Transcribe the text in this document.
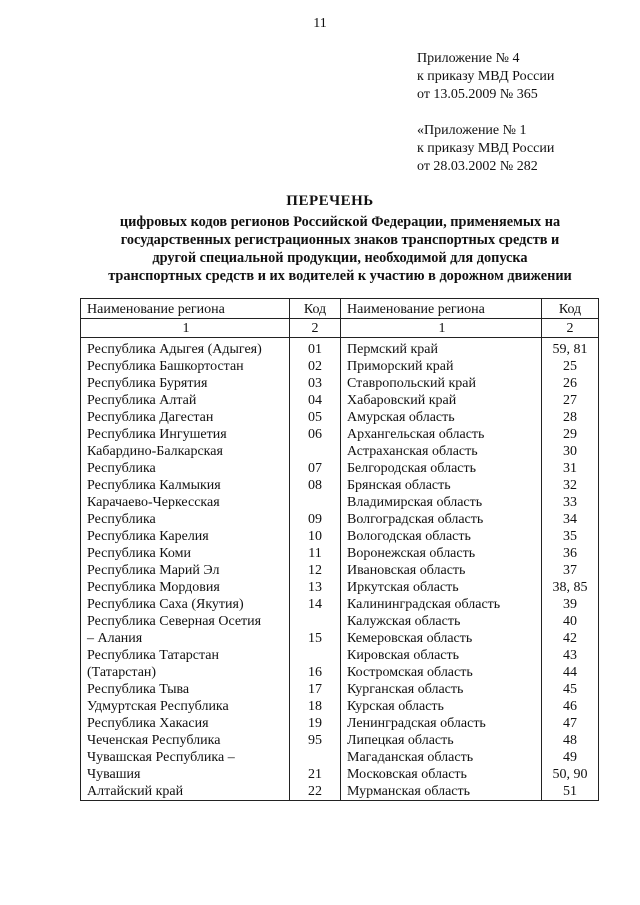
11
Приложение № 4
к приказу МВД России
от 13.05.2009 № 365
«Приложение № 1
к приказу МВД России
от 28.03.2002 № 282
ПЕРЕЧЕНЬ
цифровых кодов регионов Российской Федерации, применяемых на
государственных регистрационных знаков транспортных средств и
другой специальной продукции, необходимой для допуска
транспортных средств и их водителей к участию в дорожном движении
Наименование региона	Код	Наименование региона	Код
1	2	1	2

Республика Адыгея (Адыгея)	01	Пермский край	59, 81
Республика Башкортостан	02	Приморский край	25
Республика Бурятия	03	Ставропольский край	26
Республика Алтай	04	Хабаровский край	27
Республика Дагестан	05	Амурская область	28
Республика Ингушетия	06	Архангельская область	29
Кабардино-Балкарская		Астраханская область	30
Республика	07	Белгородская область	31
Республика Калмыкия	08	Брянская область	32
Карачаево-Черкесская		Владимирская область	33
Республика	09	Волгоградская область	34
Республика Карелия	10	Вологодская область	35
Республика Коми	11	Воронежская область	36
Республика Марий Эл	12	Ивановская область	37
Республика Мордовия	13	Иркутская область	38, 85
Республика Саха (Якутия)	14	Калининградская область	39
Республика Северная Осетия		Калужская область	40
– Алания	15	Кемеровская область	42
Республика Татарстан		Кировская область	43
(Татарстан)	16	Костромская область	44
Республика Тыва	17	Курганская область	45
Удмуртская Республика	18	Курская область	46
Республика Хакасия	19	Ленинградская область	47
Чеченская Республика	95	Липецкая область	48
Чувашская Республика –		Магаданская область	49
Чувашия	21	Московская область	50, 90
Алтайский край	22	Мурманская область	51
